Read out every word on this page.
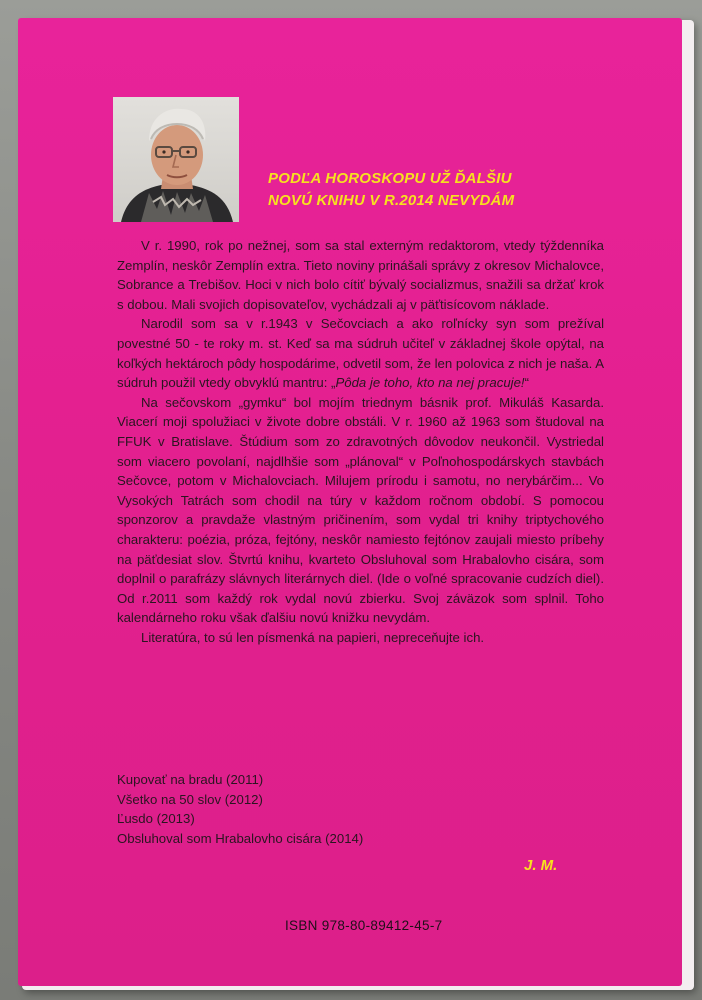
PODĽA HOROSKOPU UŽ ĎALŠIU
NOVÚ KNIHU V R.2014 NEVYDÁM

V r. 1990, rok po nežnej, som sa stal externým redaktorom, vtedy týždenníka Zemplín, neskôr Zemplín extra. Tieto noviny prinášali správy z okresov Michalovce, Sobrance a Trebišov. Hoci v nich bolo cítiť bývalý socializmus, snažili sa držať krok s dobou. Mali svojich dopisovateľov, vychádzali aj v päťtisícovom náklade.

Narodil som sa v r.1943 v Sečovciach a ako roľnícky syn som prežíval povestné 50 - te roky m. st. Keď sa ma súdruh učiteľ v základnej škole opýtal, na koľkých hektároch pôdy hospodárime, odvetil som, že len polovica z nich je naša. A súdruh použil vtedy obvyklú mantru: „Pôda je toho, kto na nej pracuje!“

Na sečovskom „gymku“ bol mojím triednym básnik prof. Mikuláš Kasarda. Viacerí moji spolužiaci v živote dobre obstáli. V r. 1960 až 1963 som študoval na FFUK v Bratislave. Štúdium som zo zdravotných dôvodov neukončil. Vystriedal som viacero povolaní, najdlhšie som „plánoval“ v Poľnohospodárskych stavbách Sečovce, potom v Michalovciach. Milujem prírodu i samotu, no nerybárčim... Vo Vysokých Tatrách som chodil na túry v každom ročnom období. S pomocou sponzorov a pravdaže vlastným pričinením, som vydal tri knihy triptychového charakteru: poézia, próza, fejtóny, neskôr namiesto fejtónov zaujali miesto príbehy na päťdesiat slov. Štvrtú knihu, kvarteto Obsluhoval som Hrabalovho cisára, som doplnil o parafrázy slávnych literárnych diel. (Ide o voľné spracovanie cudzích diel). Od r.2011 som každý rok vydal novú zbierku. Svoj záväzok som splnil. Toho kalendárneho roku však ďalšiu novú knižku nevydám.

Literatúra, to sú len písmenká na papieri, nepreceňujte ich.

Kupovať na bradu (2011)
Všetko na 50 slov (2012)
Ľusdo (2013)
Obsluhoval som Hrabalovho cisára (2014)
J. M.
ISBN 978-80-89412-45-7
